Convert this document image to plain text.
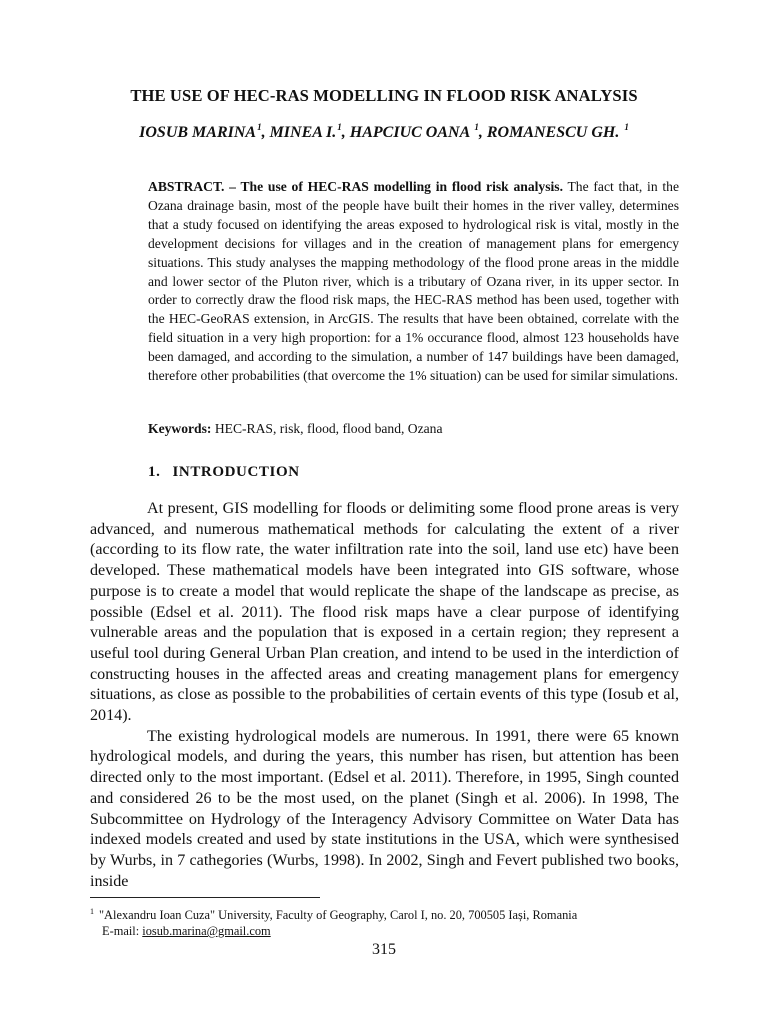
THE USE OF HEC-RAS MODELLING IN FLOOD RISK ANALYSIS
IOSUB MARINA$^1$, MINEA I.$^1$, HAPCIUC OANA $^1$, ROMANESCU GH. $^1$

ABSTRACT. – The use of HEC-RAS modelling in flood risk analysis. The fact that, in the Ozana drainage basin, most of the people have built their homes in the river valley, determines that a study focused on identifying the areas exposed to hydrological risk is vital, mostly in the development decisions for villages and in the creation of management plans for emergency situations. This study analyses the mapping methodology of the flood prone areas in the middle and lower sector of the Pluton river, which is a tributary of Ozana river, in its upper sector. In order to correctly draw the flood risk maps, the HEC-RAS method has been used, together with the HEC-GeoRAS extension, in ArcGIS. The results that have been obtained, correlate with the field situation in a very high proportion: for a 1% occurance flood, almost 123 households have been damaged, and according to the simulation, a number of 147 buildings have been damaged, therefore other probabilities (that overcome the 1% situation) can be used for similar simulations.

Keywords: HEC-RAS, risk, flood, flood band, Ozana

1. INTRODUCTION

At present, GIS modelling for floods or delimiting some flood prone areas is very advanced, and numerous mathematical methods for calculating the extent of a river (according to its flow rate, the water infiltration rate into the soil, land use etc) have been developed. These mathematical models have been integrated into GIS software, whose purpose is to create a model that would replicate the shape of the landscape as precise, as possible (Edsel et al. 2011). The flood risk maps have a clear purpose of identifying vulnerable areas and the population that is exposed in a certain region; they represent a useful tool during General Urban Plan creation, and intend to be used in the interdiction of constructing houses in the affected areas and creating management plans for emergency situations, as close as possible to the probabilities of certain events of this type (Iosub et al, 2014).

The existing hydrological models are numerous. In 1991, there were 65 known hydrological models, and during the years, this number has risen, but attention has been directed only to the most important. (Edsel et al. 2011). Therefore, in 1995, Singh counted and considered 26 to be the most used, on the planet (Singh et al. 2006). In 1998, The Subcommittee on Hydrology of the Interagency Advisory Committee on Water Data has indexed models created and used by state institutions in the USA, which were synthesised by Wurbs, in 7 cathegories (Wurbs, 1998). In 2002, Singh and Fevert published two books, inside

$^1$ "Alexandru Ioan Cuza" University, Faculty of Geography, Carol I, no. 20, 700505 Iași, Romania
E-mail: iosub.marina@gmail.com
315
